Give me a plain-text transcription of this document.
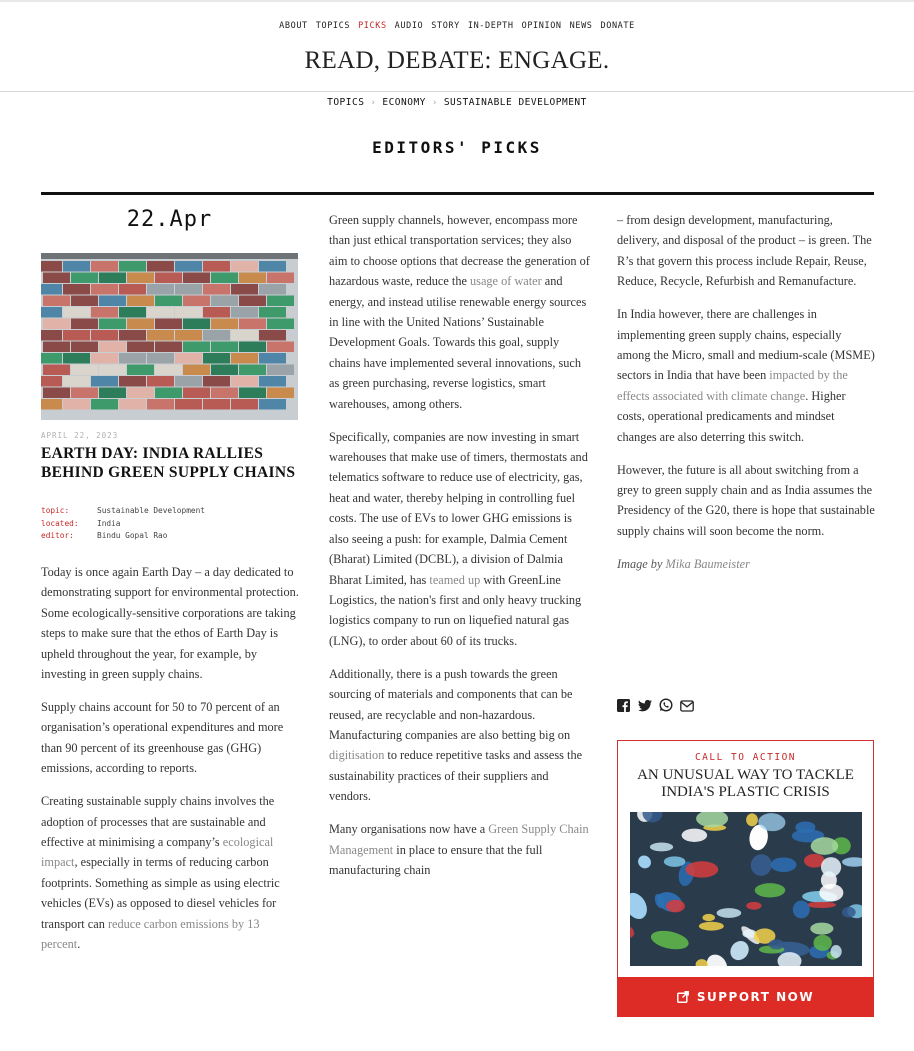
ABOUT TOPICS PICKS AUDIO STORY IN-DEPTH OPINION NEWS DONATE
READ, DEBATE: ENGAGE.
TOPICS › ECONOMY › SUSTAINABLE DEVELOPMENT
EDITORS' PICKS
22.Apr
APRIL 22, 2023
EARTH DAY: INDIA RALLIES BEHIND GREEN SUPPLY CHAINS
topic:	Sustainable Development
located:	India
editor:	Bindu Gopal Rao

Today is once again Earth Day – a day dedicated to demonstrating support for environmental protection. Some ecologically-sensitive corporations are taking steps to make sure that the ethos of Earth Day is upheld throughout the year, for example, by investing in green supply chains.

Supply chains account for 50 to 70 percent of an organisation’s operational expenditures and more than 90 percent of its greenhouse gas (GHG) emissions, according to reports.

Creating sustainable supply chains involves the adoption of processes that are sustainable and effective at minimising a company’s ecological impact, especially in terms of reducing carbon footprints. Something as simple as using electric vehicles (EVs) as opposed to diesel vehicles for transport can reduce carbon emissions by 13 percent.

Green supply channels, however, encompass more than just ethical transportation services; they also aim to choose options that decrease the generation of hazardous waste, reduce the usage of water and energy, and instead utilise renewable energy sources in line with the United Nations’ Sustainable Development Goals. Towards this goal, supply chains have implemented several innovations, such as green purchasing, reverse logistics, smart warehouses, among others.

Specifically, companies are now investing in smart warehouses that make use of timers, thermostats and telematics software to reduce use of electricity, gas, heat and water, thereby helping in controlling fuel costs. The use of EVs to lower GHG emissions is also seeing a push: for example, Dalmia Cement (Bharat) Limited (DCBL), a division of Dalmia Bharat Limited, has teamed up with GreenLine Logistics, the nation's first and only heavy trucking logistics company to run on liquefied natural gas (LNG), to order about 60 of its trucks.

Additionally, there is a push towards the green sourcing of materials and components that can be reused, are recyclable and non-hazardous. Manufacturing companies are also betting big on digitisation to reduce repetitive tasks and assess the sustainability practices of their suppliers and vendors.

Many organisations now have a Green Supply Chain Management in place to ensure that the full manufacturing chain

– from design development, manufacturing, delivery, and disposal of the product – is green. The R’s that govern this process include Repair, Reuse, Reduce, Recycle, Refurbish and Remanufacture.

In India however, there are challenges in implementing green supply chains, especially among the Micro, small and medium-scale (MSME) sectors in India that have been impacted by the effects associated with climate change. Higher costs, operational predicaments and mindset changes are also deterring this switch.

However, the future is all about switching from a grey to green supply chain and as India assumes the Presidency of the G20, there is hope that sustainable supply chains will soon become the norm.

Image by Mika Baumeister

CALL TO ACTION
AN UNUSUAL WAY TO TACKLE INDIA'S PLASTIC CRISIS
SUPPORT NOW
